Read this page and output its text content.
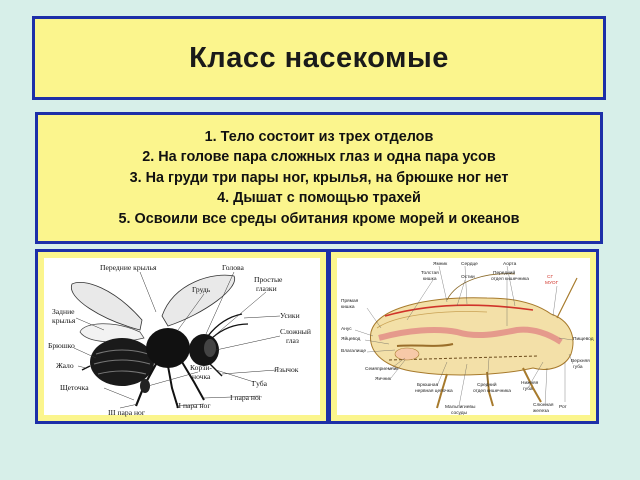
Класс насекомые
1. Тело состоит из трех отделов
2. На голове пара сложных глаз и одна пара усов
3. На груди три пары ног, крылья, на брюшке ног нет
4. Дышат с помощью трахей
5. Освоили все среды обитания кроме морей и океанов
Передние крылья	Голова
Грудь
Простые
глазки
Задние
крылья
Усики
Брюшко
Сложный
глаз
Жало	Корзи-
ночка
Язычок
Щеточка	Губа
III пара ног
II пара ног
I пара ног
Ямник	Сердце	Аорта
Толстая
кишка	Остии
Передний
отдел кишечника	СГ
МУОГ
Прямая
кишка
Анус
Яйцевод
Влагалище
Пищевод
Верхняя
губа
Семяприемник
Яичник
Брюшная
нервная цепочка
Средний
отдел кишечника
Мальпигиевы
сосуды
Нижняя
губа
Слюнная
железа
Рот
